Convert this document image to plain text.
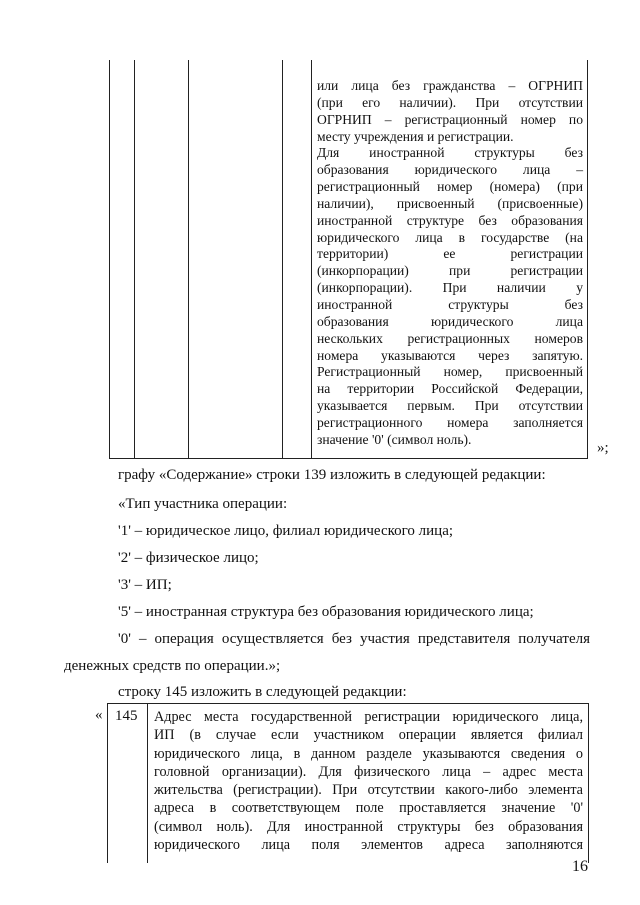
или лица без гражданства – ОГРНИП
(при его наличии). При отсутствии
ОГРНИП – регистрационный номер по
месту учреждения и регистрации.
Для иностранной структуры без
образования юридического лица –
регистрационный номер (номера) (при
наличии), присвоенный (присвоенные)
иностранной структуре без образования
юридического лица в государстве (на
территории) ее регистрации
(инкорпорации) при регистрации
(инкорпорации). При наличии у
иностранной структуры без
образования юридического лица
нескольких регистрационных номеров
номера указываются через запятую.
Регистрационный номер, присвоенный
на территории Российской Федерации,
указывается первым. При отсутствии
регистрационного номера заполняется
значение '0' (символ ноль).
»;
графу «Содержание» строки 139 изложить в следующей редакции:
«Тип участника операции:
'1' – юридическое лицо, филиал юридического лица;
'2' – физическое лицо;
'3' – ИП;
'5' – иностранная структура без образования юридического лица;
'0' – операция осуществляется без участия представителя получателя
денежных средств по операции.»;
строку 145 изложить в следующей редакции:
« 145 Адрес места государственной регистрации юридического лица,
ИП (в случае если участником операции является филиал
юридического лица, в данном разделе указываются сведения о
головной организации). Для физического лица – адрес места
жительства (регистрации). При отсутствии какого-либо элемента
адреса в соответствующем поле проставляется значение '0'
(символ ноль). Для иностранной структуры без образования
юридического лица поля элементов адреса заполняются
16
